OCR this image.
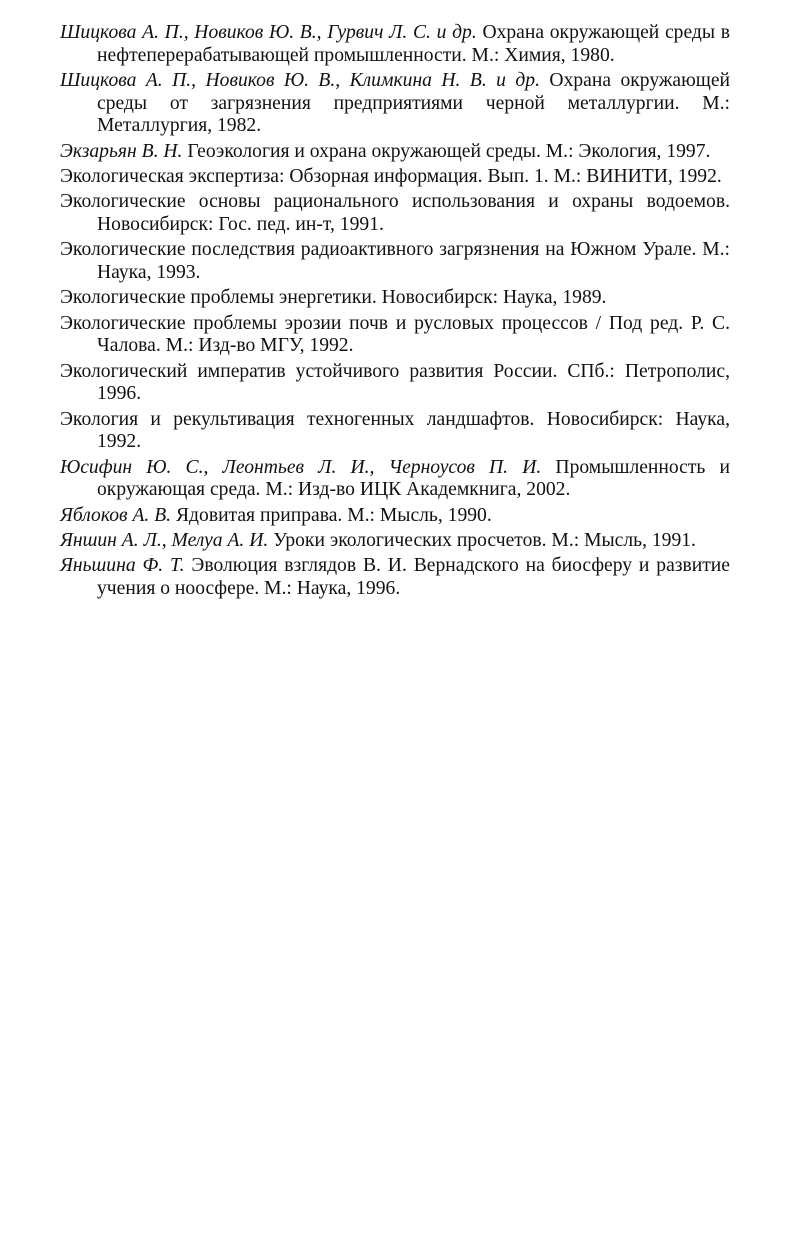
Шицкова А. П., Новиков Ю. В., Гурвич Л. С. и др. Охрана окружающей среды в нефтеперерабатывающей промышленности. М.: Химия, 1980.
Шицкова А. П., Новиков Ю. В., Климкина Н. В. и др. Охрана окружающей среды от загрязнения предприятиями черной металлургии. М.: Металлургия, 1982.
Экзарьян В. Н. Геоэкология и охрана окружающей среды. М.: Экология, 1997.
Экологическая экспертиза: Обзорная информация. Вып. 1. М.: ВИНИТИ, 1992.
Экологические основы рационального использования и охраны водоемов. Новосибирск: Гос. пед. ин-т, 1991.
Экологические последствия радиоактивного загрязнения на Южном Урале. М.: Наука, 1993.
Экологические проблемы энергетики. Новосибирск: Наука, 1989.
Экологические проблемы эрозии почв и русловых процессов / Под ред. Р. С. Чалова. М.: Изд-во МГУ, 1992.
Экологический императив устойчивого развития России. СПб.: Петрополис, 1996.
Экология и рекультивация техногенных ландшафтов. Новосибирск: Наука, 1992.
Юсифин Ю. С., Леонтьев Л. И., Черноусов П. И. Промышленность и окружающая среда. М.: Изд-во ИЦК Академкнига, 2002.
Яблоков А. В. Ядовитая приправа. М.: Мысль, 1990.
Яншин А. Л., Мелуа А. И. Уроки экологических просчетов. М.: Мысль, 1991.
Яньшина Ф. Т. Эволюция взглядов В. И. Вернадского на биосферу и развитие учения о ноосфере. М.: Наука, 1996.
